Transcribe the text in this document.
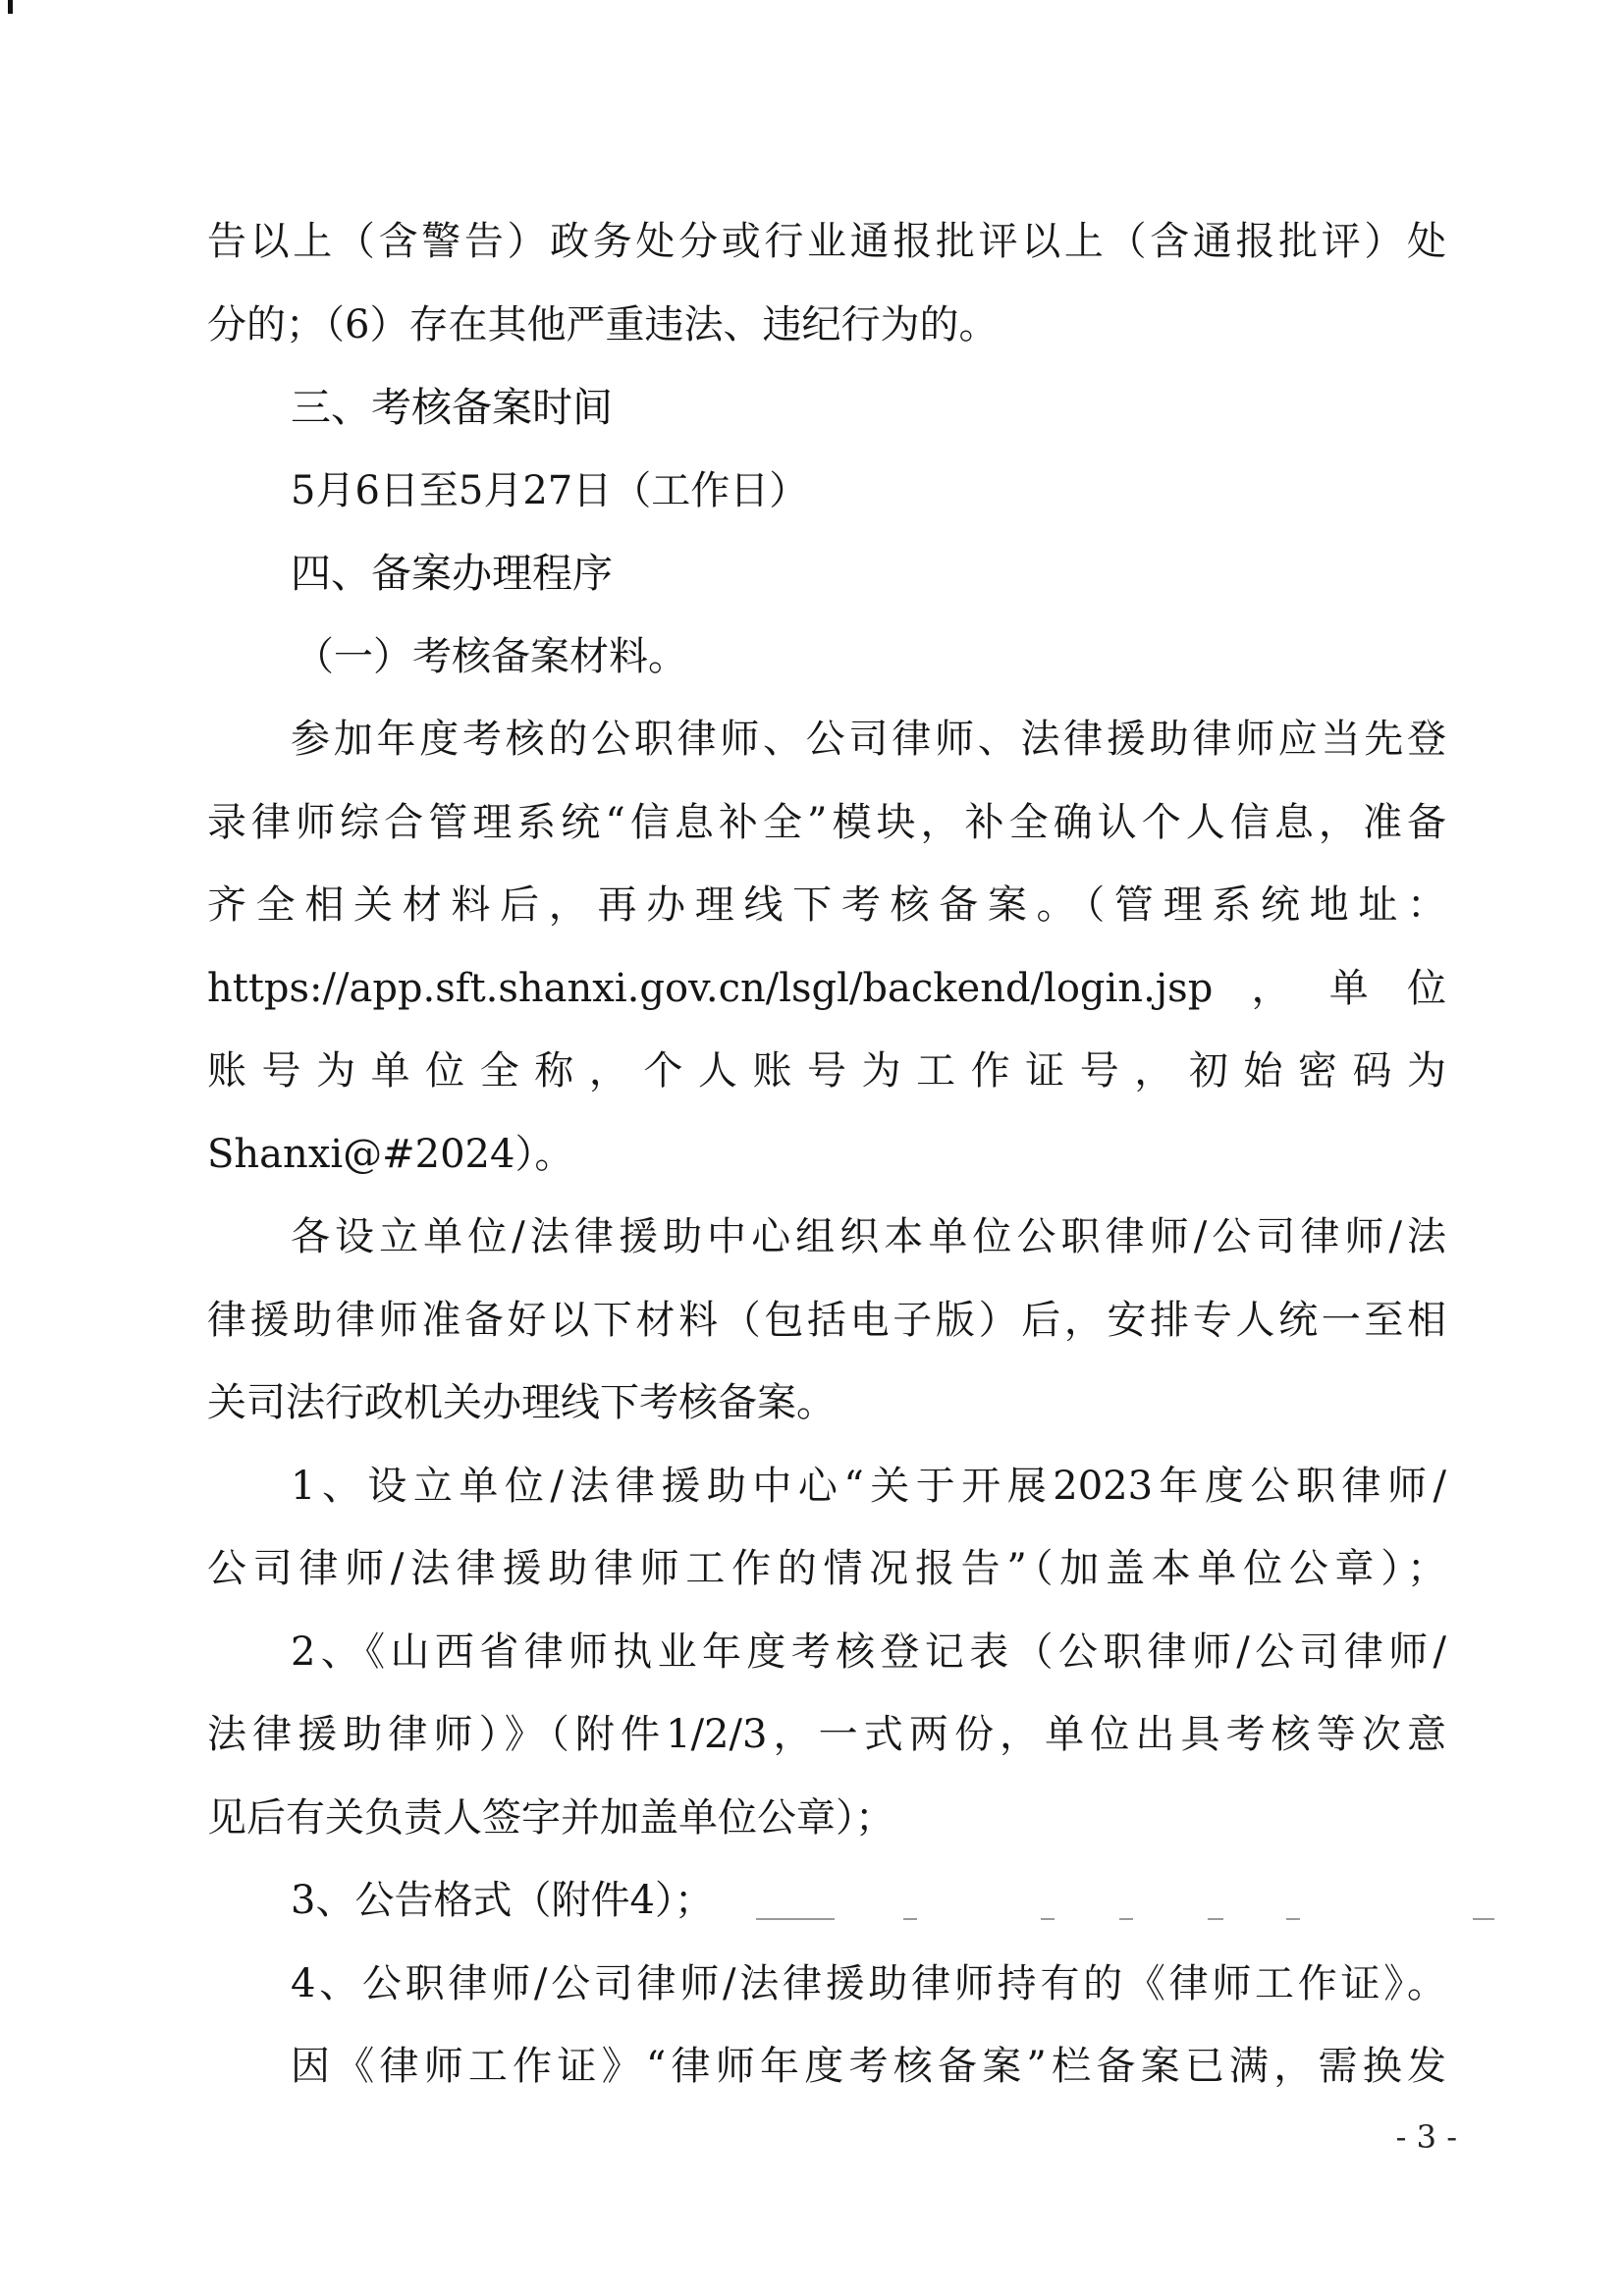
告以上（含警告）政务处分或行业通报批评以上（含通报批评）处
分的；（6）存在其他严重违法、违纪行为的。
三、考核备案时间
5月6日至5月27日（工作日）
四、备案办理程序
（一）考核备案材料。
参加年度考核的公职律师、公司律师、法律援助律师应当先登
录律师综合管理系统“信息补全”模块，补全确认个人信息，准备
齐全相关材料后，再办理线下考核备案。（管理系统地址：
https://app.sft.shanxi.gov.cn/lsgl/backend/login.jsp，单位
账号为单位全称，个人账号为工作证号，初始密码为
Shanxi@#2024）。
各设立单位/法律援助中心组织本单位公职律师/公司律师/法
律援助律师准备好以下材料（包括电子版）后，安排专人统一至相
关司法行政机关办理线下考核备案。
1、设立单位/法律援助中心“关于开展2023年度公职律师/
公司律师/法律援助律师工作的情况报告”（加盖本单位公章）；
2、《山西省律师执业年度考核登记表（公职律师/公司律师/
法律援助律师）》（附件1/2/3，一式两份，单位出具考核等次意
见后有关负责人签字并加盖单位公章）；
3、公告格式（附件4）；
4、公职律师/公司律师/法律援助律师持有的《律师工作证》。
因《律师工作证》“律师年度考核备案”栏备案已满，需换发
- 3 -
